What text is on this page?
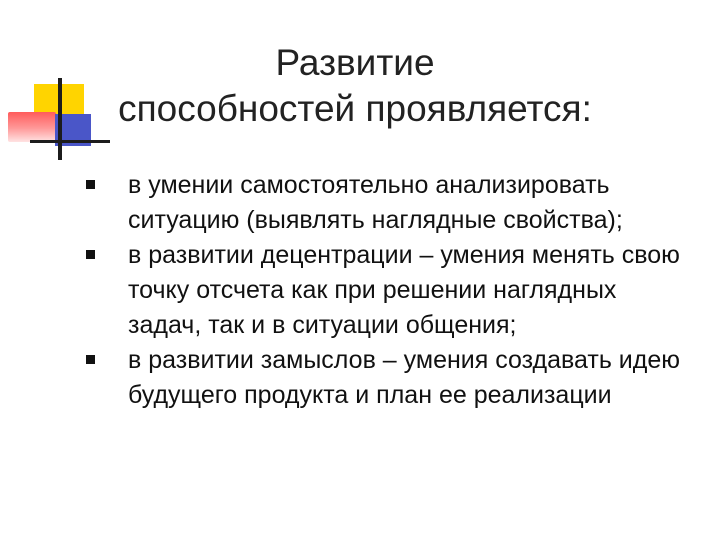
Развитие
способностей проявляется:
в умении самостоятельно анализировать ситуацию (выявлять наглядные свойства);
в развитии децентрации – умения менять свою точку отсчета как при решении наглядных задач, так и в ситуации общения;
в развитии замыслов – умения создавать идею будущего продукта и план ее реализации
